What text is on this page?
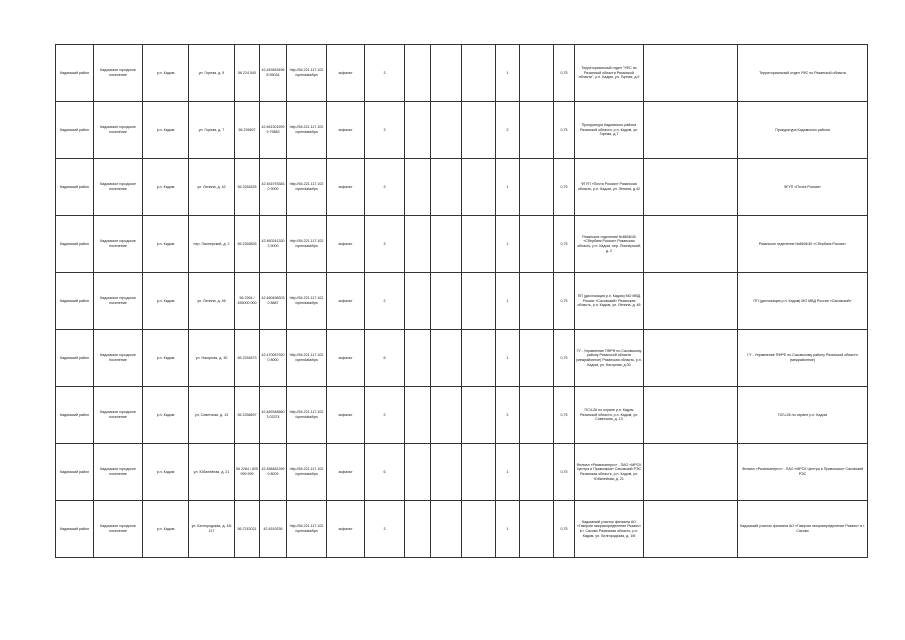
Кадомский район	Кадомское городское поселение	р.п. Кадом	ул. Горная, д. 9	56 224 540	42.4494634968 55034	http://54.221.117.102 /opendata/tips	асфальт	3				1		0,75	Территориальный отдел "УФС по Рязанской области Рязанской области", р.п. Кадом, ул. Горная, д.9		Территориальный отдел УФС по Рязанской области
Кадомский район	Кадомское городское поселение	р.п. Кадом	ул. Горная, д. 7	56 226697	42.4613015999 79883	http://54.221.117.102 /opendata/tips	асфальт	3				2		0,75	Прокуратура Кадомского района Рязанской области, р.п. Кадом, ул. Горная, д.7		Прокуратура Кадомского района
Кадомский район	Кадомское городское поселение	р.п. Кадом	ул. Ленина, д. 42	56 2264525	42.4519783830 9000	http://54.221.117.102 /opendata/tips	асфальт	3				1		0,75	ФГУП «Почта России» Рязанская область, р.п. Кадом, ул. Ленина, д.42		ФГУП «Почта России»
Кадомский район	Кадомское городское поселение	р.п. Кадом	пер. Пионерский, д. 2	56 2269825	42.4602413303 9000	http://54.221.117.102 /opendata/tips	асфальт	3				1		0,75	Рязанское отделение №8606/40 «Сбербанк России» Рязанская область, р.п. Кадом, пер. Пионерский, д. 2		Рязанское отделение №8606/40 «Сбербанк России»
Кадомский район	Кадомское городское поселение	р.п. Кадом	ул. Ленина, д. 46	56 2264 / 455000 000	42.4604983030 8887	http://54.221.117.102 /opendata/tips	асфальт	2				1		0,75	ПП (дислокация р.п. Кадом) МО МВД России «Сасовский» Рязанская область, р.п. Кадом, ул. Ленина, д. 46		ПП (дислокация р.п. Кадом) МО МВД России «Сасовский»
Кадомский район	Кадомское городское поселение	р.п. Кадом	ул. Нагорная, д. 30	56 2254673	42.4700579200 8000	http://54.221.117.102 /opendata/tips	асфальт	6				1		0,75	ГУ - Управление ПФРФ по Сасовскому району Рязанской области (межрайонное) Рязанская область, р.п. Кадом, ул. Нагорная, д.30		ГУ - Управление ПФРФ по Сасовскому району Рязанской области (межрайонное)
Кадомский район	Кадомское городское поселение	р.п. Кадом	ул. Советская, д. 13	56 2258697	42.4693486603 03374	http://54.221.117.102 /opendata/tips	асфальт	2				2		0,75	ПСЧ-26 по охране р.п. Кадом Рязанской области, р.п. Кадом, ул. Советская, д. 13		ПСЧ-26 по охране р.п. Кадом
Кадомский район	Кадомское городское поселение	р.п. Кадом	ул. Юбилейная, д. 21	56 2264 / 825 999 999	42.4584813990 8009	http://54.221.117.102 /opendata/tips	асфальт	6				1		0,75	Филиал «Рязаньэнерго» - ПАО «МРСК Центра и Приволжья» Сасовский РЭС Рязанская область, р.п. Кадом, ул. Юбилейная, д. 21		Филиал «Рязаньэнерго» - ПАО «МРСК Центра и Приволжья» Сасовский РЭС
Кадомский район	Кадомское городское поселение	р.п. Кадом	ул. Белгородская, д. 1/6 117	56 2743021	42.4519236	http://54.221.117.102 /opendata/tips	асфальт	3				1		0,75	Кадомский участок филиала АО «Газпром газораспределение Рязань» в г. Сасово Рязанская область, р.п. Кадом, ул. Белгородская, д. 1/6		Кадомский участок филиала АО «Газпром газораспределение Рязань» в г. Сасово
